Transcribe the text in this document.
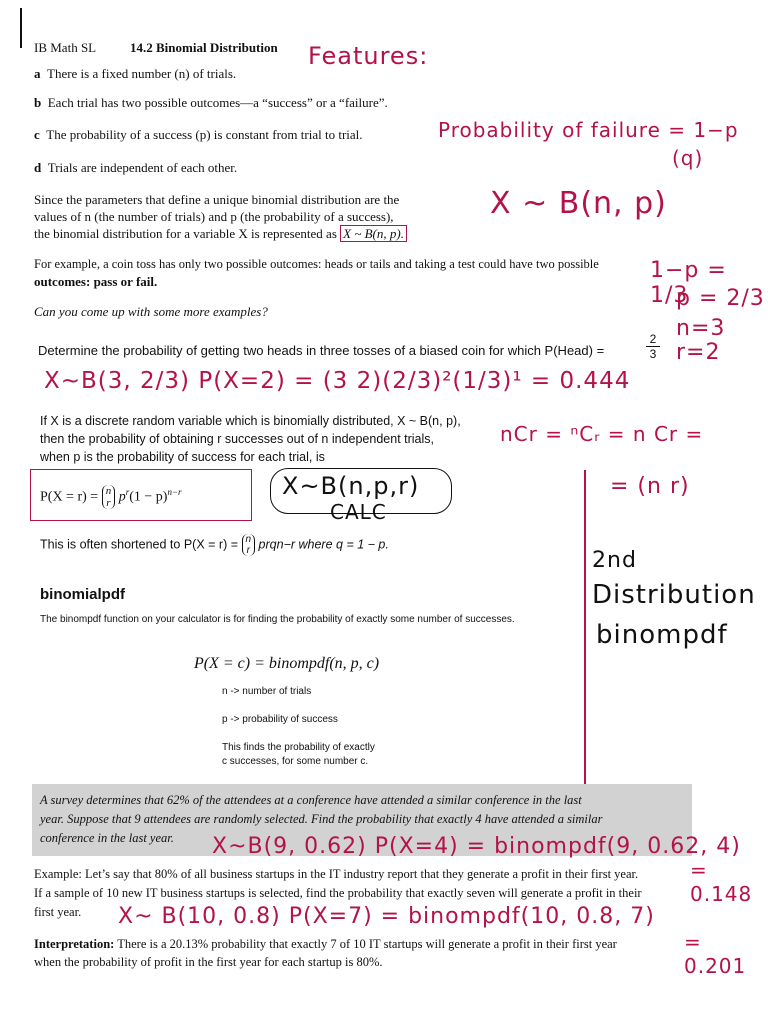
IB Math SL	14.2 Binomial Distribution Features:
a There is a fixed number (n) of trials.
b Each trial has two possible outcomes—a “success” or a “failure”.
c The probability of a success (p) is constant from trial to trial.
d Trials are independent of each other.
Probability of failure = 1−p
(q)
Since the parameters that define a unique binomial distribution are the
values of n (the number of trials) and p (the probability of a success),
the binomial distribution for a variable X is represented as X ~ B(n, p).
X ~ B(n, p)
For example, a coin toss has only two possible outcomes: heads or tails and taking a test could have two possible
outcomes: pass or fail.
Can you come up with some more examples?
1−p = 1/3
p = 2/3
n=3
r=2
Determine the probability of getting two heads in three tosses of a biased coin for which P(Head) =	$\frac{2}{3}$
X~B(3, 2/3) P(X=2) = (3 2)(2/3)²(1/3)¹ = 0.444
If X is a discrete random variable which is binomially distributed, X ~ B(n, p),
then the probability of obtaining r successes out of n independent trials,
when p is the probability of success for each trial, is
nCr = ⁿCᵣ = n Cr =
= (n r)
P(X = r) = n
r $p^r(1 - p)^{n-r}$	X~B(n,p,r)
CALC
This is often shortened to P(X = r) = n
r prqn−r where q = 1 − p.
2nd
Distribution
binompdf
binomialpdf
The binompdf function on your calculator is for finding the probability of exactly some number of successes.
P(X = c) = binompdf(n, p, c)
n -> number of trials
p -> probability of success
This finds the probability of exactly
c successes, for some number c.
A survey determines that 62% of the attendees at a conference have attended a similar conference in the last
year. Suppose that 9 attendees are randomly selected. Find the probability that exactly 4 have attended a similar
conference in the last year. X~B(9, 0.62) P(X=4) = binompdf(9, 0.62, 4)
Example: Let’s say that 80% of all business startups in the IT industry report that they generate a profit in their first year.
If a sample of 10 new IT business startups is selected, find the probability that exactly seven will generate a profit in their
first year.
= 0.148
X~ B(10, 0.8) P(X=7) = binompdf(10, 0.8, 7)
Interpretation: There is a 20.13% probability that exactly 7 of 10 IT startups will generate a profit in their first year
when the probability of profit in the first year for each startup is 80%.
= 0.201
